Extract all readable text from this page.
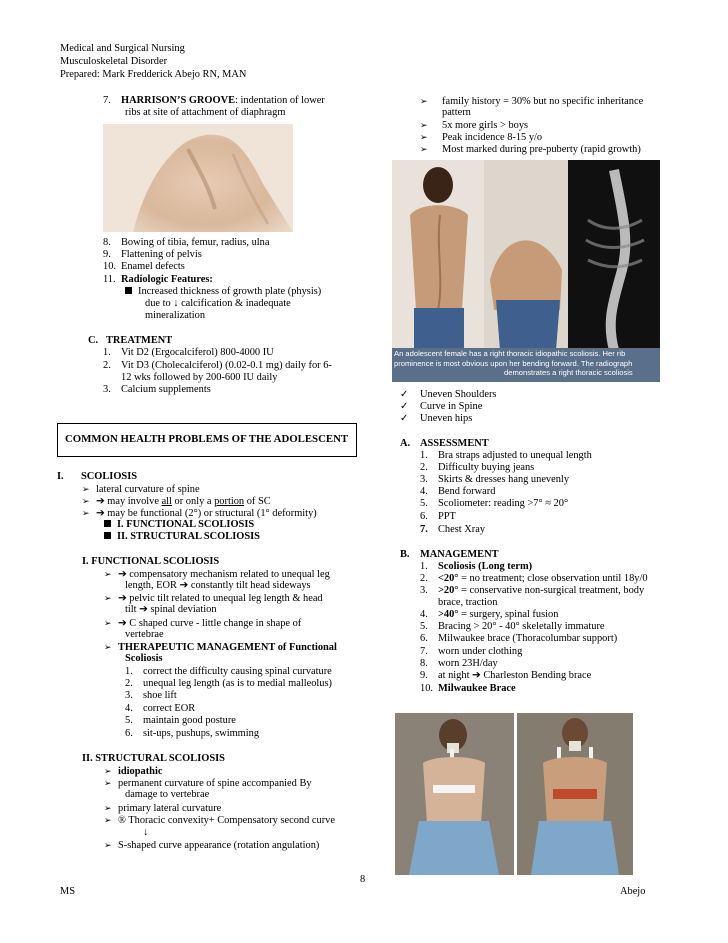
Medical and Surgical Nursing
Musculoskeletal Disorder
Prepared: Mark Fredderick Abejo RN, MAN
7. HARRISON’S GROOVE: indentation of lower
ribs at site of attachment of diaphragm
8. Bowing of tibia, femur, radius, ulna
9. Flattening of pelvis
10. Enamel defects
11. Radiologic Features:
Increased thickness of growth plate (physis)
due to ↓ calcification & inadequate
mineralization
C. TREATMENT
1. Vit D2 (Ergocalciferol) 800-4000 IU
2. Vit D3 (Cholecalciferol) (0.02-0.1 mg) daily for 6-
12 wks followed by 200-600 IU daily
3. Calcium supplements
COMMON HEALTH PROBLEMS OF THE ADOLESCENT
I. SCOLIOSIS
➢ lateral curvature of spine
➢ ➔ may involve all or only a portion of SC
➢ ➔ may be functional (2°) or structural (1° deformity)
I. FUNCTIONAL SCOLIOSIS
II. STRUCTURAL SCOLIOSIS
I. FUNCTIONAL SCOLIOSIS
➢ ➔ compensatory mechanism related to unequal leg
length, EOR ➔ constantly tilt head sideways
➢ ➔ pelvic tilt related to unequal leg length & head
tilt ➔ spinal deviation
➢ ➔ C shaped curve - little change in shape of
vertebrae
➢ THERAPEUTIC MANAGEMENT of Functional
Scoliosis
1. correct the difficulty causing spinal curvature
2. unequal leg length (as is to medial malleolus)
3. shoe lift
4. correct EOR
5. maintain good posture
6. sit-ups, pushups, swimming
II. STRUCTURAL SCOLIOSIS
➢ idiopathic
➢ permanent curvature of spine accompanied By
damage to vertebrae
➢ primary lateral curvature
➢ ® Thoracic convexity+ Compensatory second curve
↓
➢ S-shaped curve appearance (rotation angulation)
➢ family history = 30% but no specific inheritance
pattern
➢ 5x more girls > boys
➢ Peak incidence 8-15 y/o
➢ Most marked during pre-puberty (rapid growth)
An adolescent female has a right thoracic idiopathic scoliosis. Her rib
prominence is most obvious upon her bending forward. The radiograph
demonstrates a right thoracic scoliosis
✓ Uneven Shoulders
✓ Curve in Spine
✓ Uneven hips
A. ASSESSMENT
1. Bra straps adjusted to unequal length
2. Difficulty buying jeans
3. Skirts & dresses hang unevenly
4. Bend forward
5. Scoliometer: reading >7° ≈ 20°
6. PPT
7. Chest Xray
B. MANAGEMENT
1. Scoliosis (Long term)
2. <20° = no treatment; close observation until 18y/0
3. >20° = conservative non-surgical treatment, body
brace, traction
4. >40° = surgery, spinal fusion
5. Bracing > 20° - 40° skeletally immature
6. Milwaukee brace (Thoracolumbar support)
7. worn under clothing
8. worn 23H/day
9. at night ➔ Charleston Bending brace
10. Milwaukee Brace
8
MS	Abejo
